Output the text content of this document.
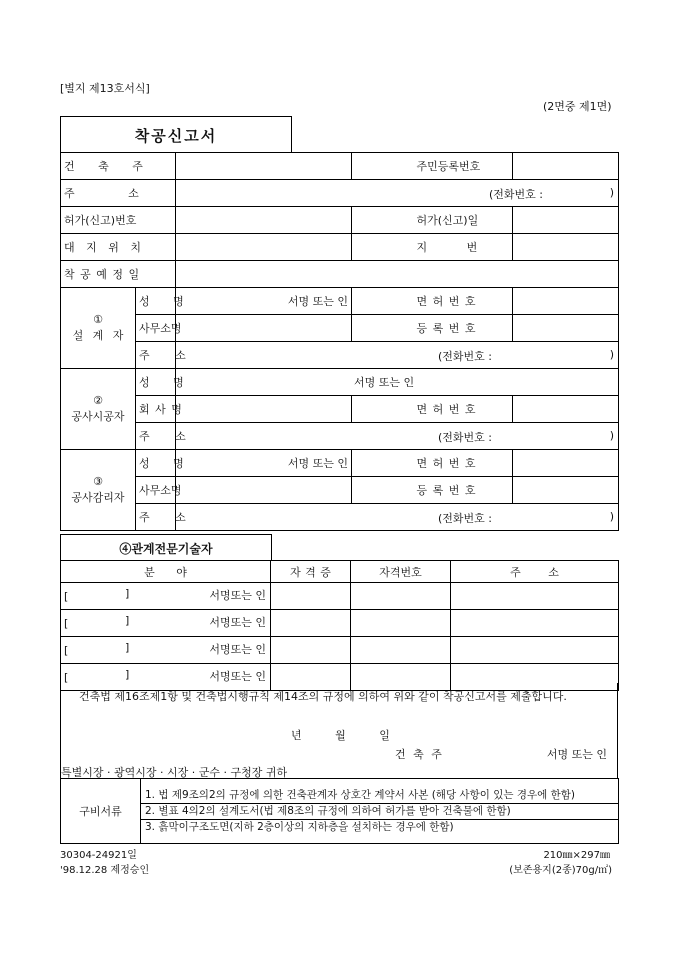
[별지 제13호서식]
(2면중 제1면)
착공신고서
건 축 주				주민등록번호	
주 소		(전화번호 : )			

허가(신고)번호				허가(신고)일	
대 지 위 치				지 번	
착 공 예 정 일					

①
설 계 자	성 명	서명 또는 인		면 허 번 호	
	사무소명			등 록 번 호	
	주 소	(전화번호 : )			

②
공사시공자	성 명	서명 또는 인			
	회 사 명			면 허 번 호	
	주 소	(전화번호 : )			

③
공사감리자	성 명	서명 또는 인		면 허 번 호	
	사무소명			등 록 번 호	
	주 소	(전화번호 : )			
④관계전문기술자
분 야	자 격 증	자격번호	주 소
[ ] 서명또는 인			

[ ] 서명또는 인			

[ ] 서명또는 인			

[ ] 서명또는 인			

건축법 제16조제1항 및 건축법시행규칙 제14조의 규정에 의하여 위와 같이 착공신고서를 제출합니다.
년 월 일
건 축 주	서명 또는 인
특별시장 · 광역시장 · 시장 · 군수 · 구청장 귀하
구비서류	
1. 법 제9조의2의 규정에 의한 건축관계자 상호간 계약서 사본 (해당 사항이 있는 경우에 한함)
2. 별표 4의2의 설계도서(법 제8조의 규정에 의하여 허가를 받아 건축물에 한함)
3. 흙막이구조도면(지하 2층이상의 지하층을 설치하는 경우에 한함)
30304-24921일
'98.12.28 제정승인
210㎜×297㎜
(보존용지(2종)70g/㎡)
